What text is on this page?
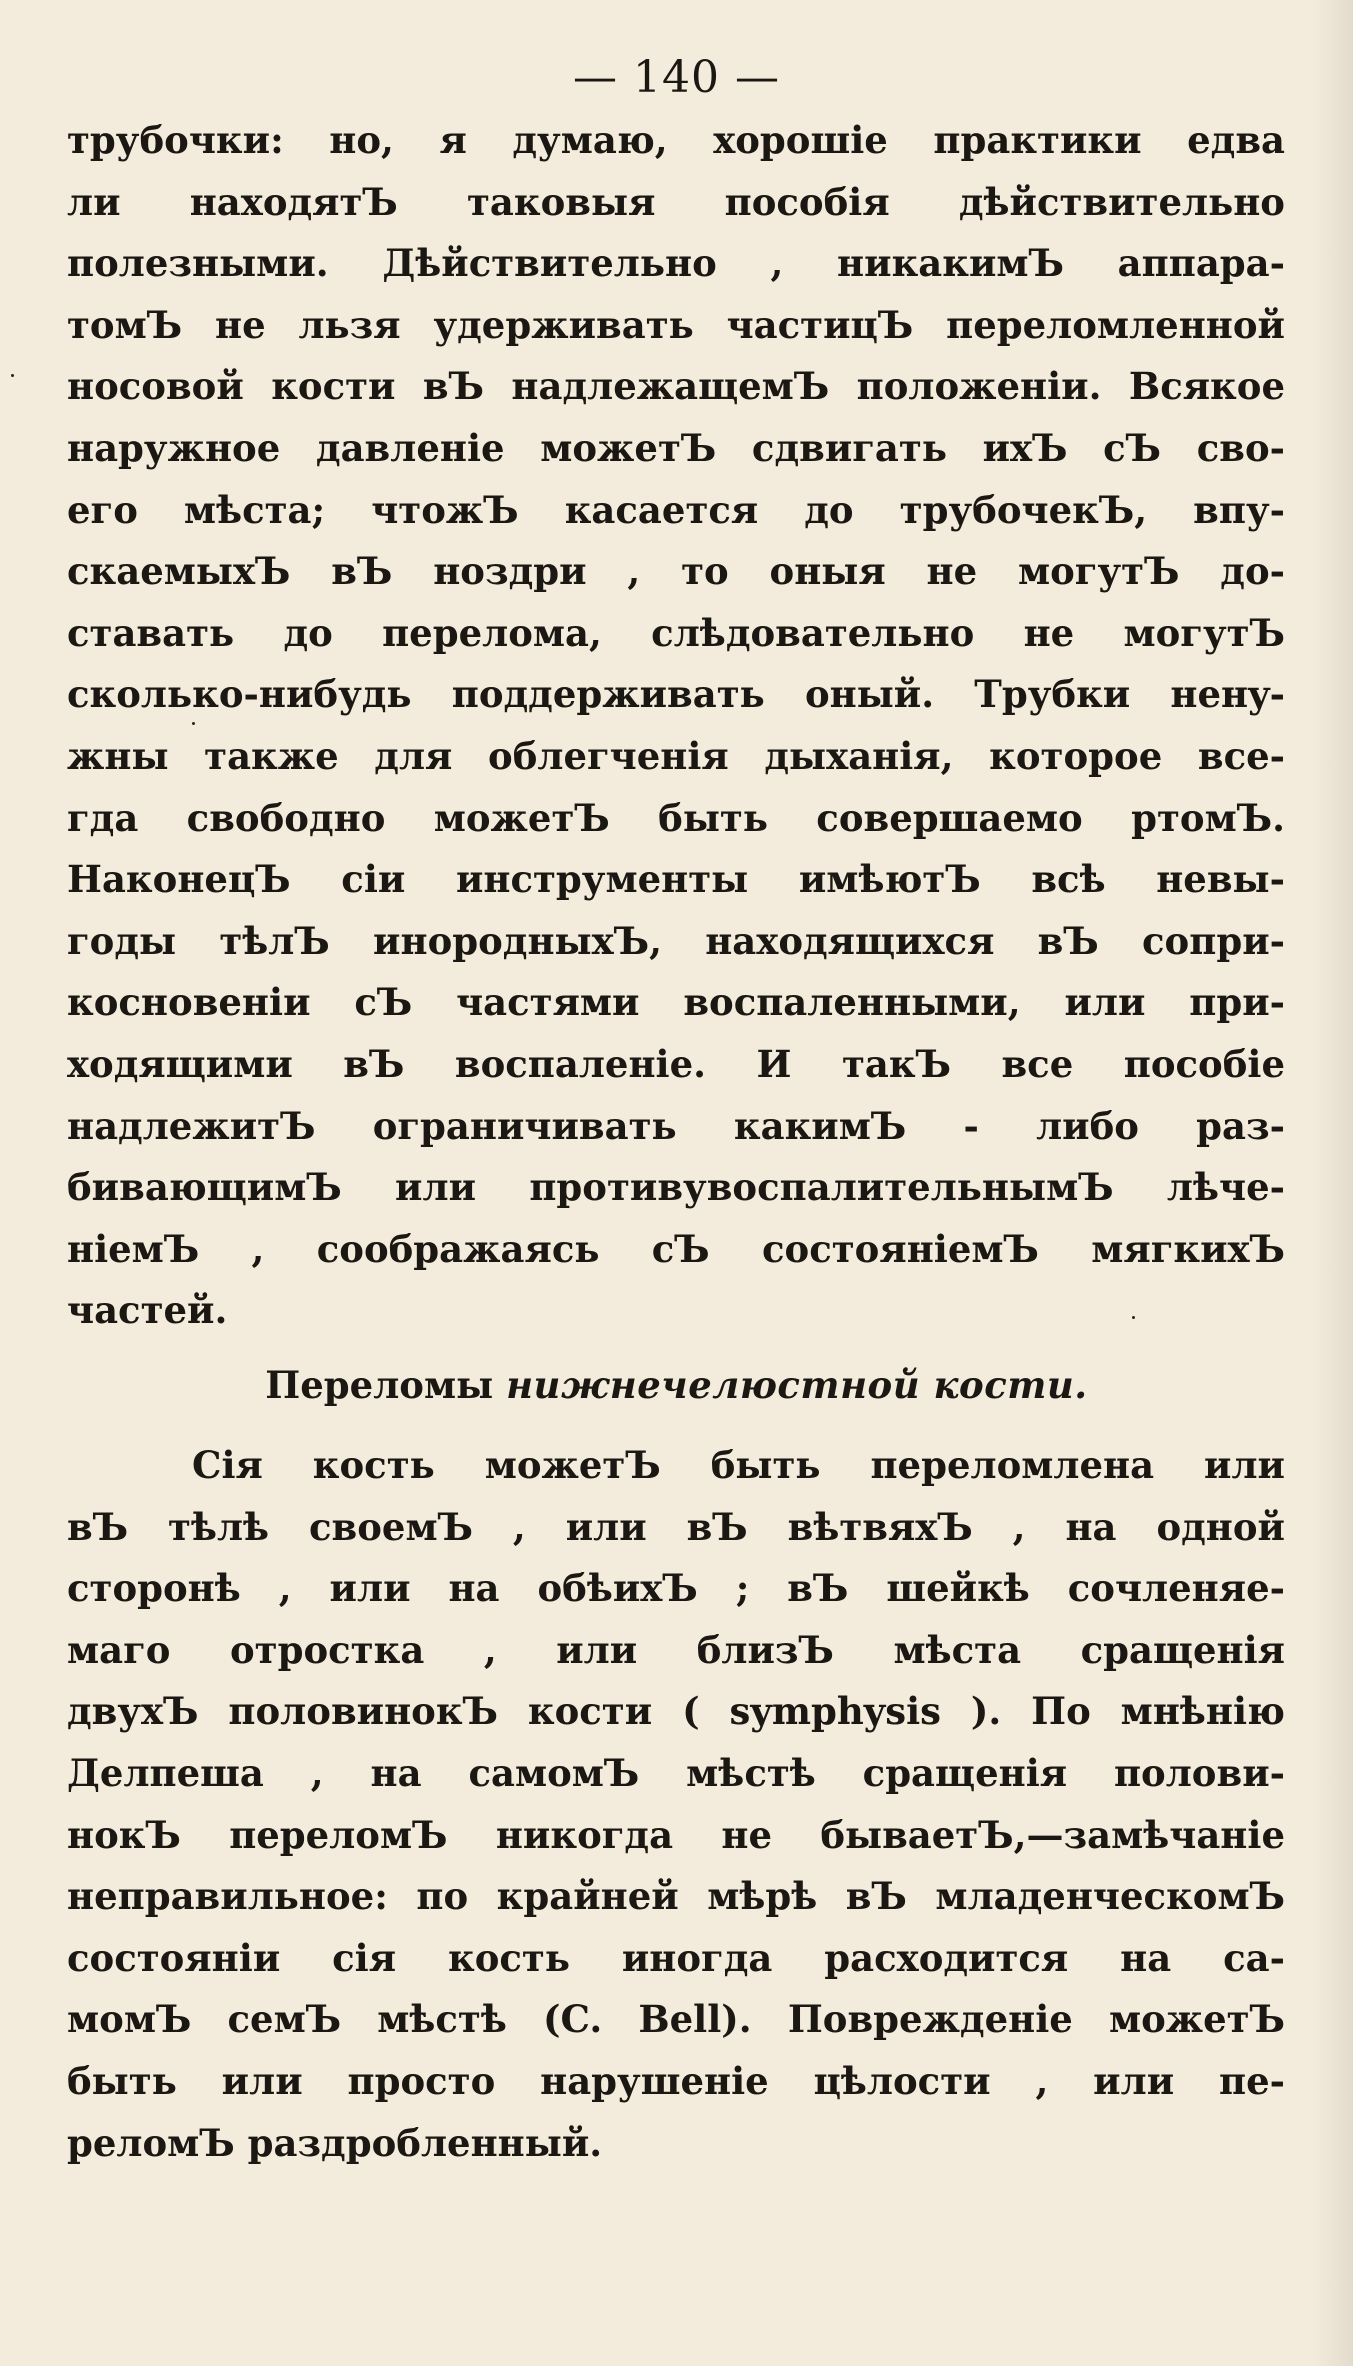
— 140 —
трубочки: но, я думаю, хорошіе практики едва
ли находятЪ таковыя пособія дѣйствительно
полезными. Дѣйствительно , никакимЪ аппара-
томЪ не льзя удерживать частицЪ переломленной
носовой кости вЪ надлежащемЪ положеніи. Всякое
наружное давленіе можетЪ сдвигать ихЪ сЪ сво-
его мѣста; чтожЪ касается до трубочекЪ, впу-
скаемыхЪ вЪ ноздри , то оныя не могутЪ до-
ставать до перелома, слѣдовательно не могутЪ
сколько-нибудь поддерживать оный. Трубки ненy-
жны также для облегченія дыханія, которое все-
гда свободно можетЪ быть совершаемо ртомЪ.
НаконецЪ сіи инструменты имѣютЪ всѣ невы-
годы тѣлЪ инородныхЪ, находящихся вЪ сопри-
косновеніи сЪ частями воспаленными, или при-
ходящими вЪ воспаленіе. И такЪ все пособіе
надлежитЪ ограничивать какимЪ - либо раз-
бивающимЪ или противувоспалительнымЪ лѣче-
ніемЪ , соображаясь сЪ состояніемЪ мягкихЪ
частей.
Переломы нижнечелюстной кости.
Сія кость можетЪ быть переломлена или
вЪ тѣлѣ своемЪ , или вЪ вѣтвяхЪ , на одной
сторонѣ , или на обѣихЪ ; вЪ шейкѣ сочленяе-
маго отростка , или близЪ мѣста сращенія
двухЪ половинокЪ кости ( symphysis ). По мнѣнію
Делпеша , на самомЪ мѣстѣ сращенія полови-
нокЪ переломЪ никогда не бываетЪ,—замѣчаніе
неправильное: по крайней мѣрѣ вЪ младенческомЪ
состояніи сія кость иногда расходится на са-
момЪ семЪ мѣстѣ (C. Bell). Поврежденіе можетЪ
быть или просто нарушеніе цѣлости , или пе-
реломЪ раздробленный.
